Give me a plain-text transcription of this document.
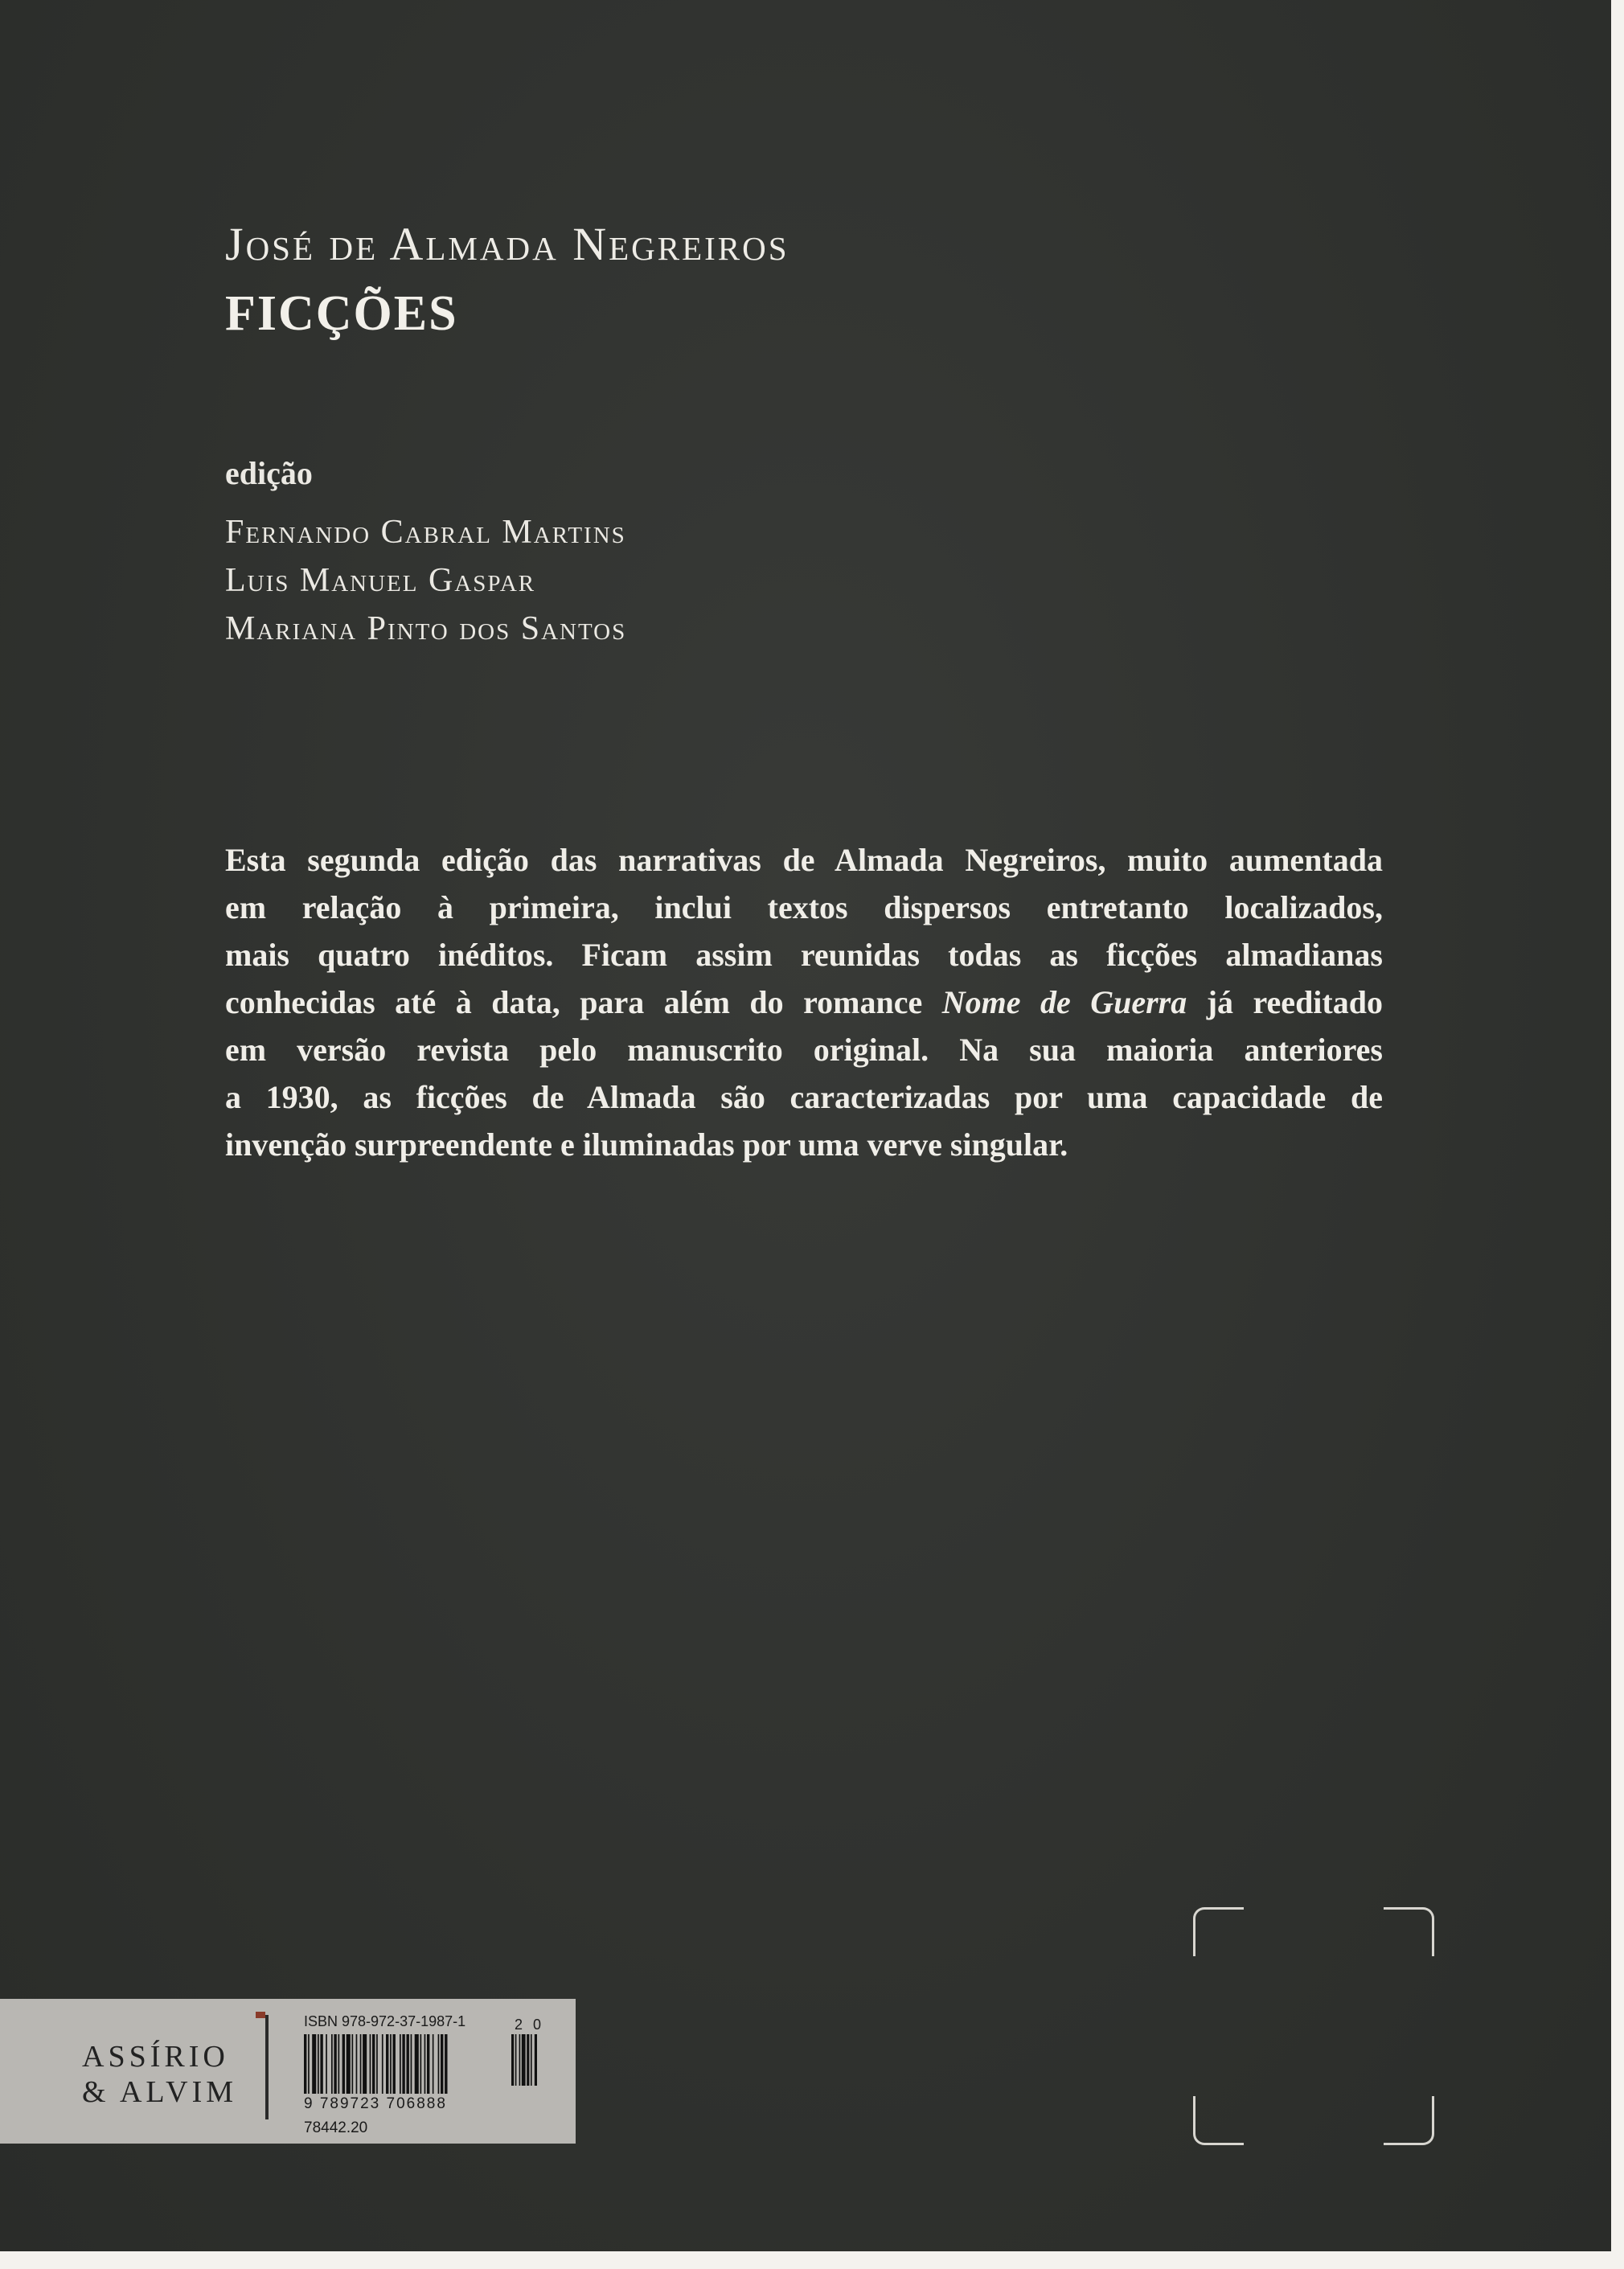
José de Almada Negreiros
FICÇÕES
edição
Fernando Cabral Martins
Luis Manuel Gaspar
Mariana Pinto dos Santos
Esta segunda edição das narrativas de Almada Negreiros, muito aumentada
em relação à primeira, inclui textos dispersos entretanto localizados,
mais quatro inéditos. Ficam assim reunidas todas as ficções almadianas
conhecidas até à data, para além do romance Nome de Guerra já reeditado
em versão revista pelo manuscrito original. Na sua maioria anteriores
a 1930, as ficções de Almada são caracterizadas por uma capacidade de
invenção surpreendente e iluminadas por uma verve singular.
ASSÍRIO
& ALVIM
ISBN 978-972-37-1987-1	2 0
9 789723 706888
78442.20
